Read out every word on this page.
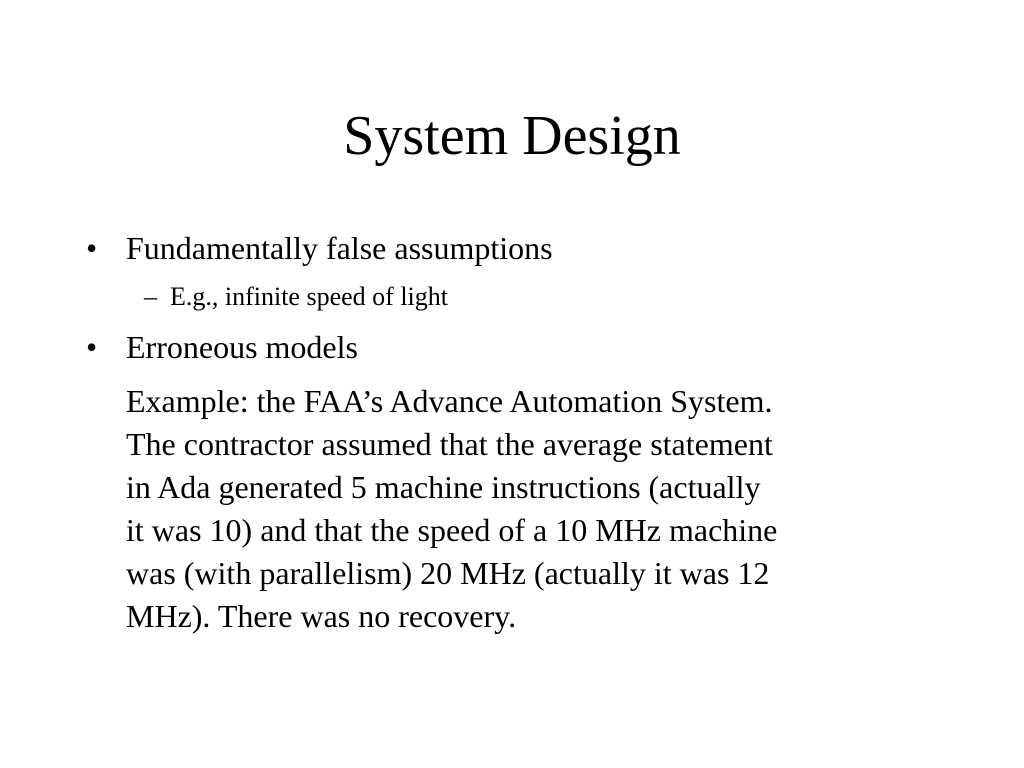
System Design
• Fundamentally false assumptions
– E.g., infinite speed of light
• Erroneous models
Example: the FAA’s Advance Automation System.
The contractor assumed that the average statement
in Ada generated 5 machine instructions (actually
it was 10) and that the speed of a 10 MHz machine
was (with parallelism) 20 MHz (actually it was 12
MHz). There was no recovery.
